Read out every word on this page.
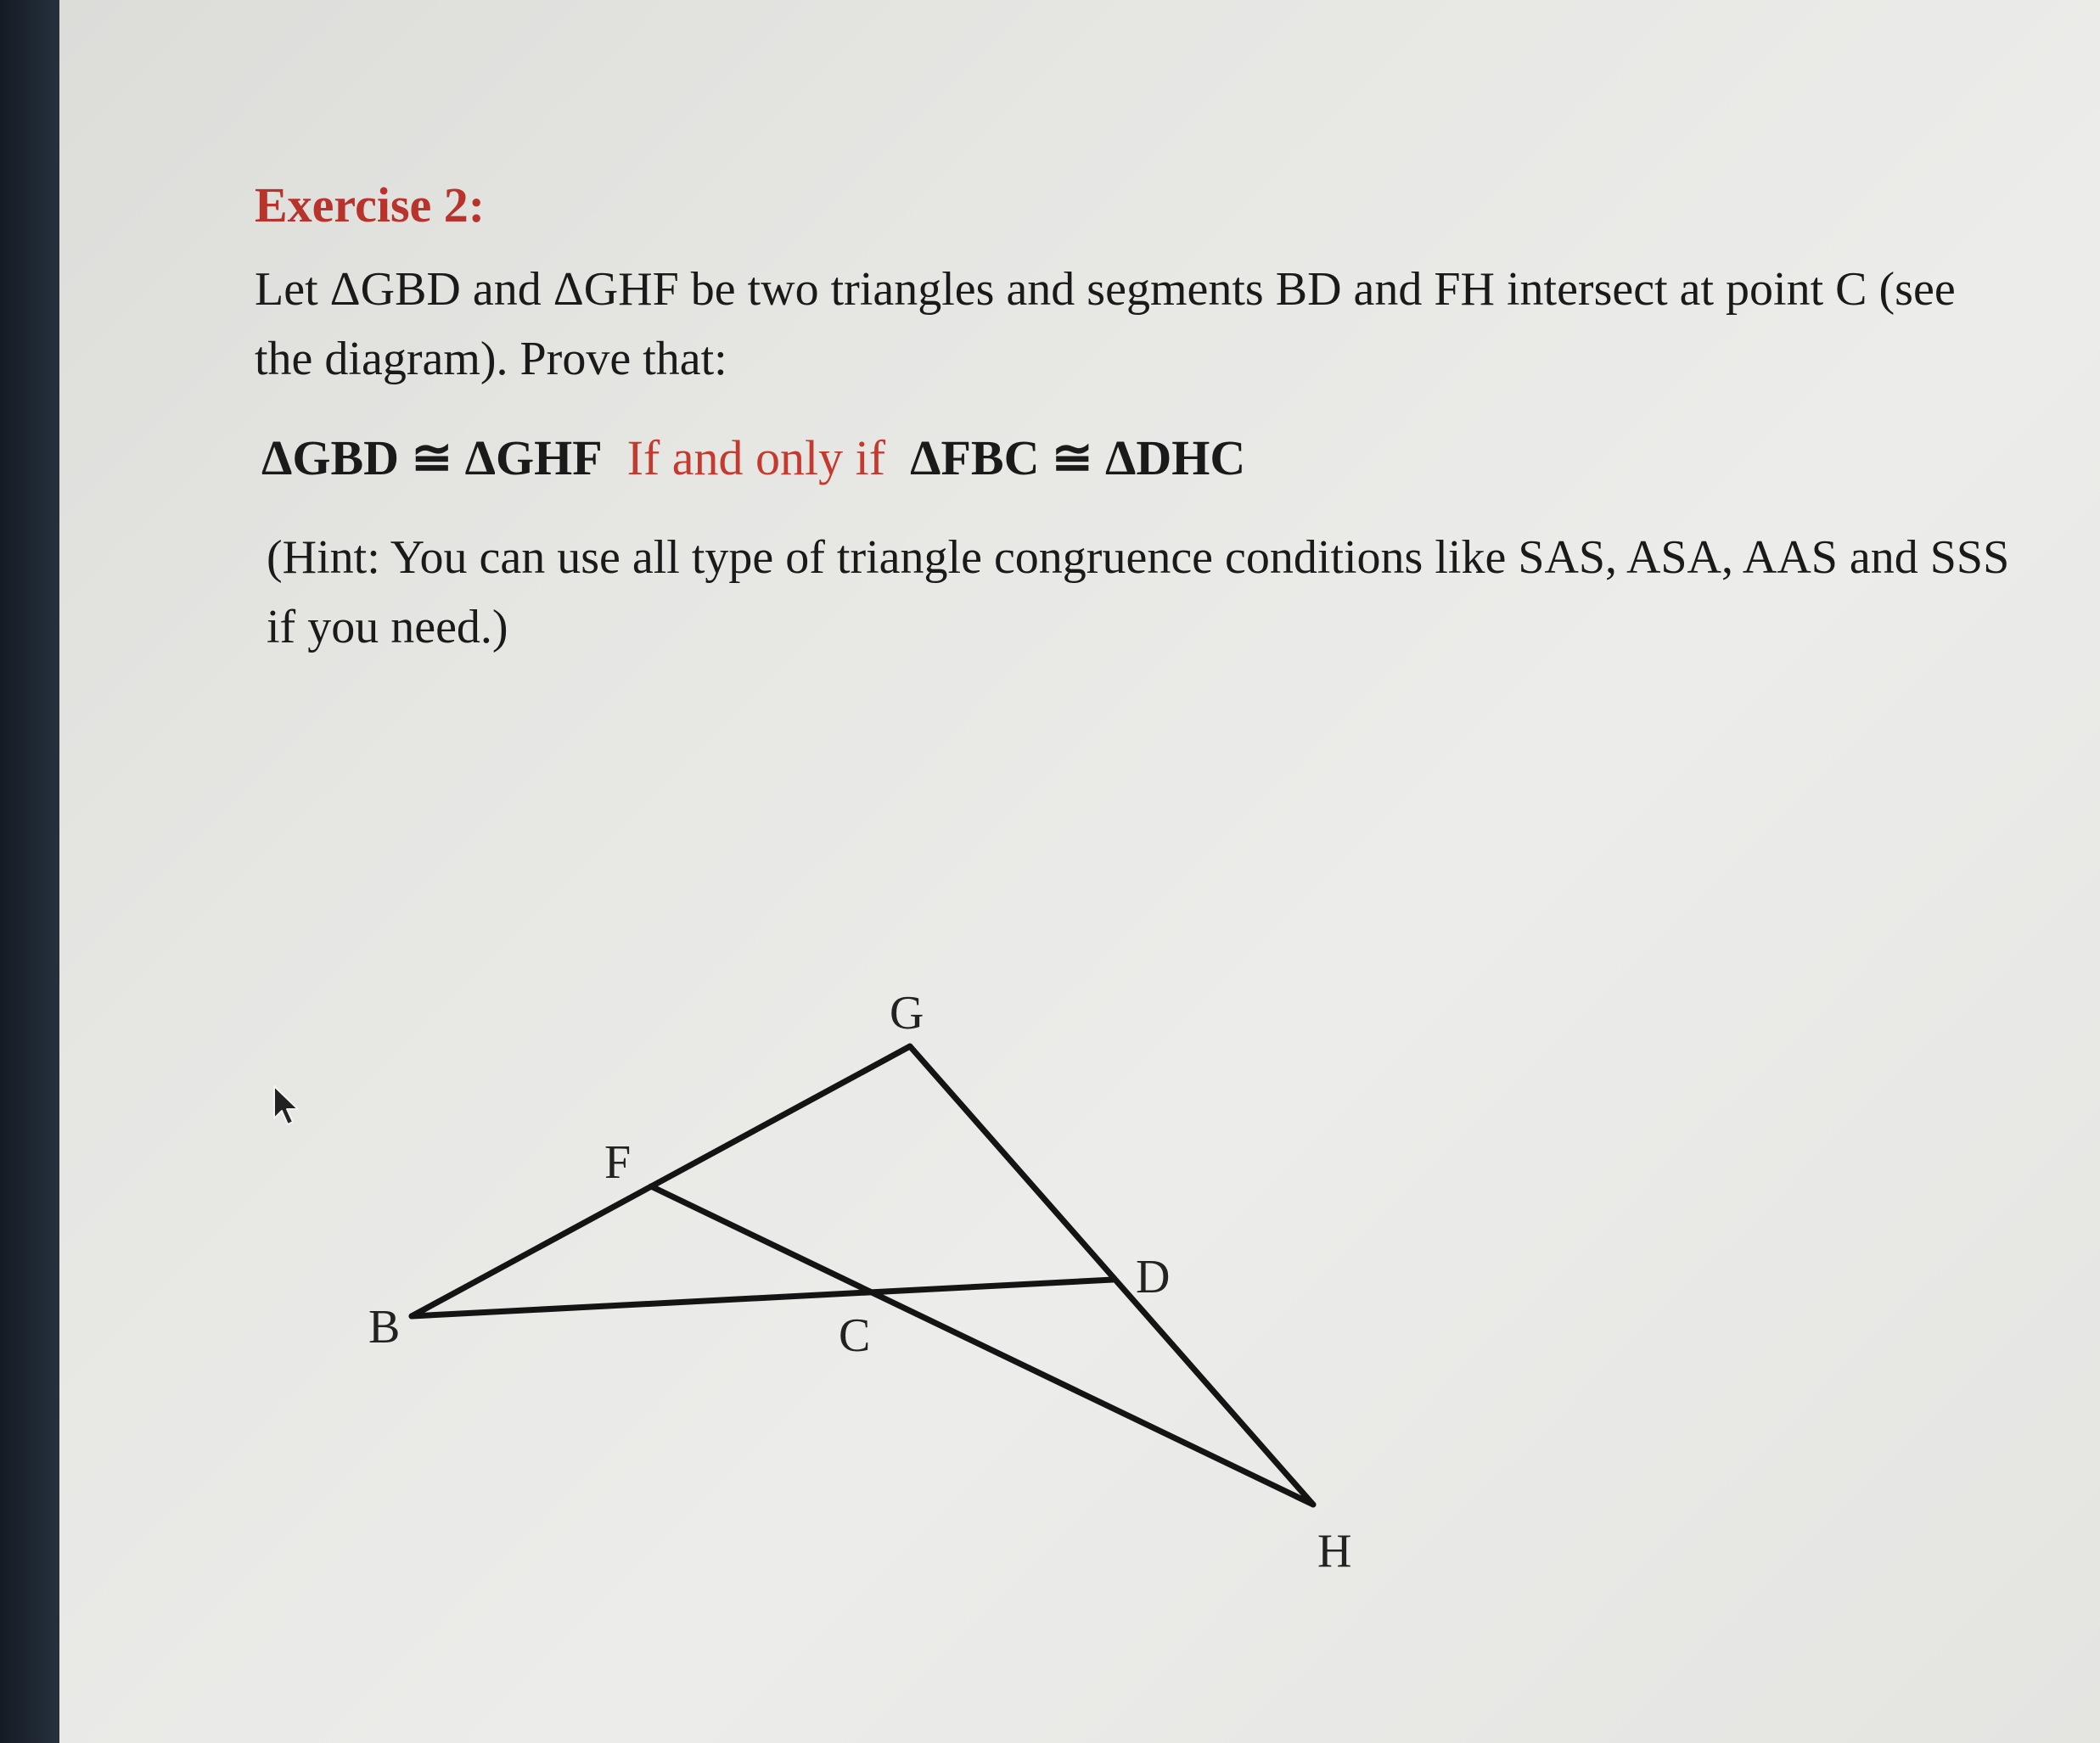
Exercise 2:

Let ΔGBD and ΔGHF be two triangles and segments BD and FH intersect at point C (see the diagram). Prove that:

ΔGBD ≅ ΔGHF If and only if ΔFBC ≅ ΔDHC

(Hint: You can use all type of triangle congruence conditions like SAS, ASA, AAS and SSS if you need.)

G
F
B	C
D
H
